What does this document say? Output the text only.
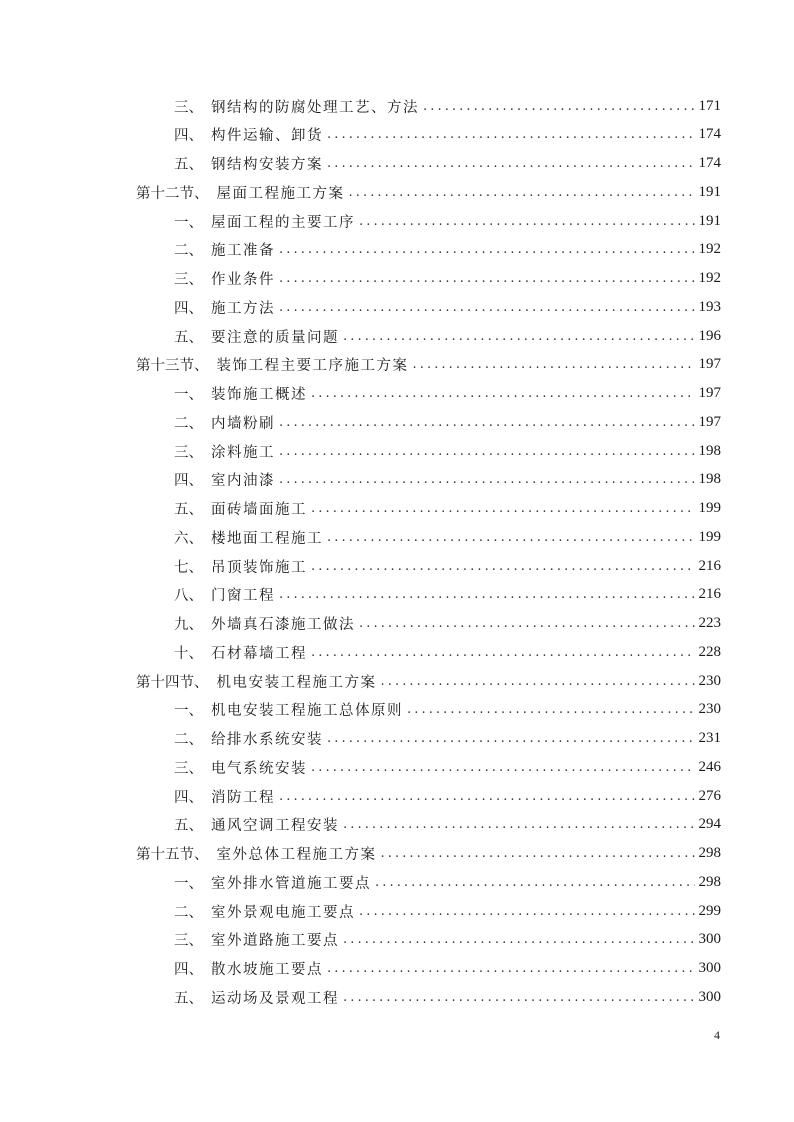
三、 钢结构的防腐处理工艺、方法 .....	171
四、 构件运输、卸货 .....	174
五、 钢结构安装方案 .....	174
第十二节、 屋面工程施工方案 .....	191
一、 屋面工程的主要工序 .....	191
二、 施工准备 .....	192
三、 作业条件 .....	192
四、 施工方法 .....	193
五、 要注意的质量问题 .....	196
第十三节、 装饰工程主要工序施工方案 .....	197
一、 装饰施工概述 .....	197
二、 内墙粉刷 .....	197
三、 涂料施工 .....	198
四、 室内油漆 .....	198
五、 面砖墙面施工 .....	199
六、 楼地面工程施工 .....	199
七、 吊顶装饰施工 .....	216
八、 门窗工程 .....	216
九、 外墙真石漆施工做法 .....	223
十、 石材幕墙工程 .....	228
第十四节、 机电安装工程施工方案 .....	230
一、 机电安装工程施工总体原则 .....	230
二、 给排水系统安装 .....	231
三、 电气系统安装 .....	246
四、 消防工程 .....	276
五、 通风空调工程安装 .....	294
第十五节、 室外总体工程施工方案 .....	298
一、 室外排水管道施工要点 .....	298
二、 室外景观电施工要点 .....	299
三、 室外道路施工要点 .....	300
四、 散水坡施工要点 .....	300
五、 运动场及景观工程 .....	300
4
